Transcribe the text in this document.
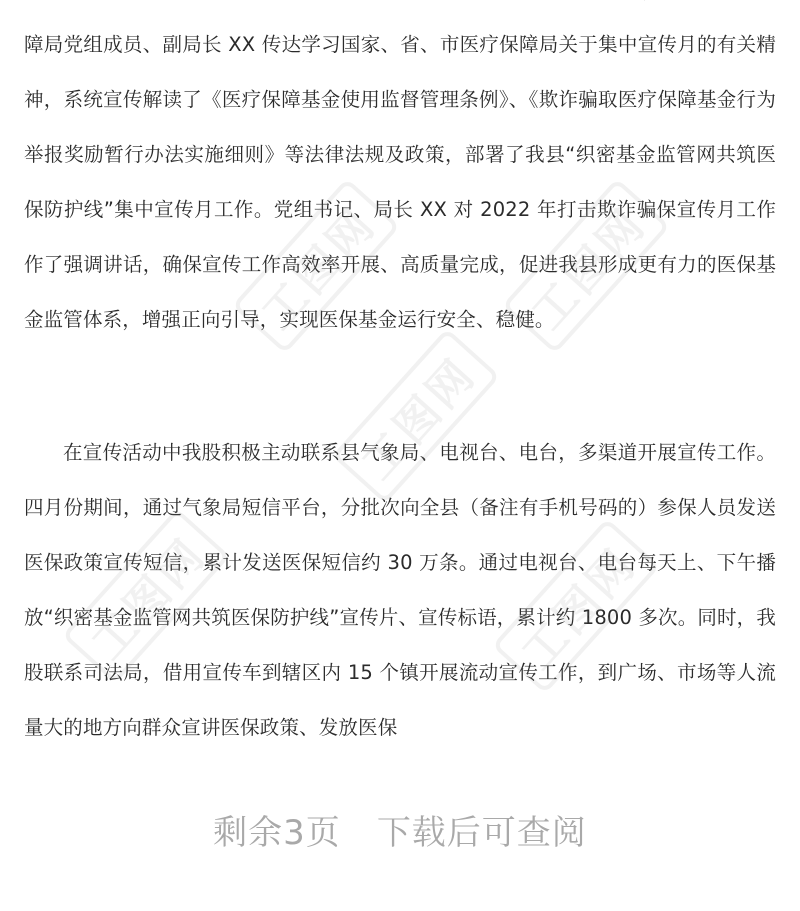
障局党组成员、副局长 XX 传达学习国家、省、市医疗保障局关于集中宣传月的有关精神，系统宣传解读了《医疗保障基金使用监督管理条例》、《欺诈骗取医疗保障基金行为举报奖励暂行办法实施细则》等法律法规及政策，部署了我县“织密基金监管网共筑医保防护线”集中宣传月工作。党组书记、局长 XX 对 2022 年打击欺诈骗保宣传月工作作了强调讲话，确保宣传工作高效率开展、高质量完成，促进我县形成更有力的医保基金监管体系，增强正向引导，实现医保基金运行安全、稳健。

在宣传活动中我股积极主动联系县气象局、电视台、电台，多渠道开展宣传工作。四月份期间，通过气象局短信平台，分批次向全县（备注有手机号码的）参保人员发送医保政策宣传短信，累计发送医保短信约 30 万条。通过电视台、电台每天上、下午播放“织密基金监管网共筑医保防护线”宣传片、宣传标语，累计约 1800 多次。同时，我股联系司法局，借用宣传车到辖区内 15 个镇开展流动宣传工作，到广场、市场等人流量大的地方向群众宣讲医保政策、发放医保

工图网	工图网
工图网
工图网	工图网
剩余3页 下载后可查阅
